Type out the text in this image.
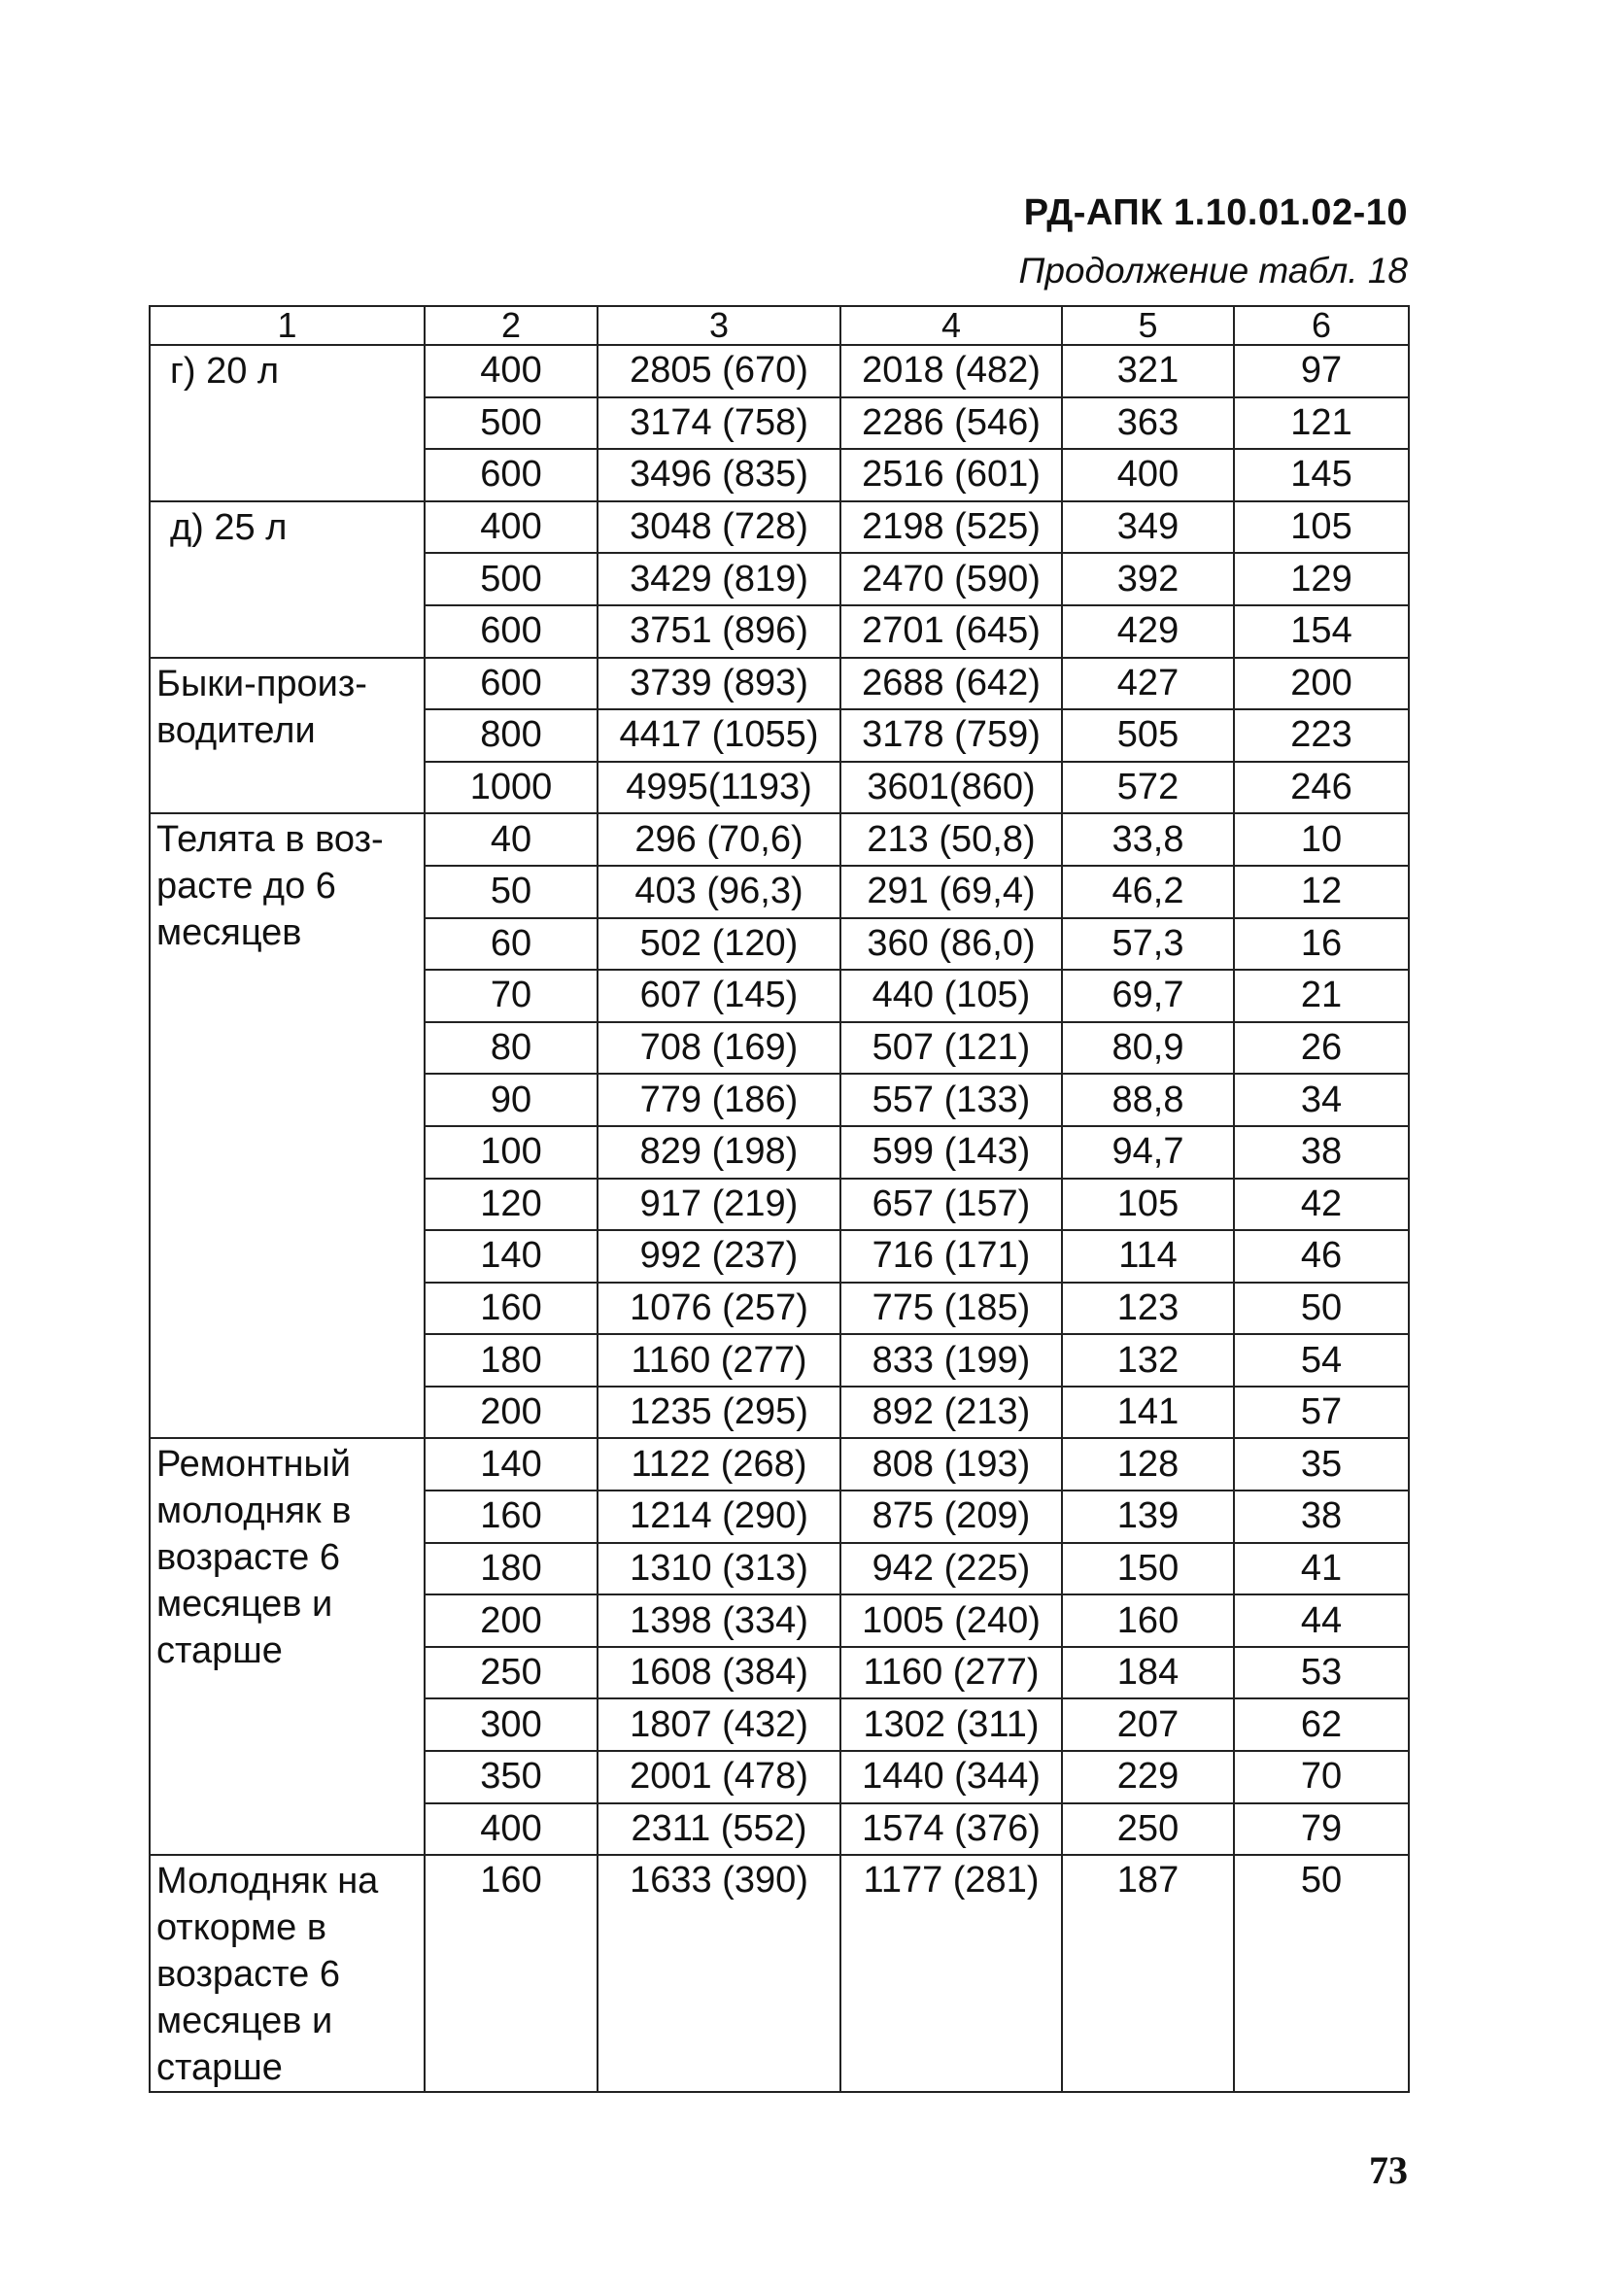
РД-АПК 1.10.01.02-10
Продолжение табл. 18
1	2	3	4	5	6
г) 20 л	400	2805 (670)	2018 (482)	321	97
	500	3174 (758)	2286 (546)	363	121
	600	3496 (835)	2516 (601)	400	145
д) 25 л	400	3048 (728)	2198 (525)	349	105
	500	3429 (819)	2470 (590)	392	129
	600	3751 (896)	2701 (645)	429	154
Быки-произ-водители	600	3739 (893)	2688 (642)	427	200
	800	4417 (1055)	3178 (759)	505	223
	1000	4995(1193)	3601(860)	572	246
Телята в воз-расте до 6 месяцев	40	296 (70,6)	213 (50,8)	33,8	10
	50	403 (96,3)	291 (69,4)	46,2	12
	60	502 (120)	360 (86,0)	57,3	16
	70	607 (145)	440 (105)	69,7	21
	80	708 (169)	507 (121)	80,9	26
	90	779 (186)	557 (133)	88,8	34
	100	829 (198)	599 (143)	94,7	38
	120	917 (219)	657 (157)	105	42
	140	992 (237)	716 (171)	114	46
	160	1076 (257)	775 (185)	123	50
	180	1160 (277)	833 (199)	132	54
	200	1235 (295)	892 (213)	141	57
Ремонтный молодняк в возрасте 6 месяцев и старше	140	1122 (268)	808 (193)	128	35
	160	1214 (290)	875 (209)	139	38
	180	1310 (313)	942 (225)	150	41
	200	1398 (334)	1005 (240)	160	44
	250	1608 (384)	1160 (277)	184	53
	300	1807 (432)	1302 (311)	207	62
	350	2001 (478)	1440 (344)	229	70
	400	2311 (552)	1574 (376)	250	79
Молодняк на откорме в возрасте 6 месяцев и старше	160	1633 (390)	1177 (281)	187	50
73
